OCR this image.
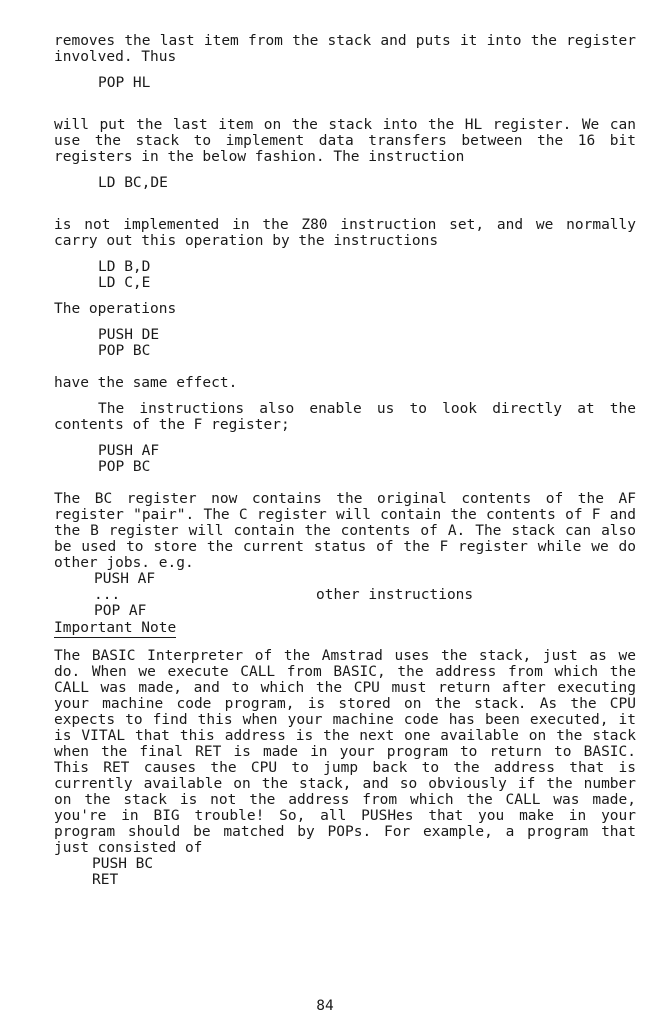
removes the last item from the stack and puts it into the register involved. Thus

POP HL

will put the last item on the stack into the HL register. We can use the stack to implement data transfers between the 16 bit registers in the below fashion. The instruction

LD BC,DE

is not implemented in the Z80 instruction set, and we normally carry out this operation by the instructions

LD B,D

LD C,E

The operations

PUSH DE

POP BC

have the same effect.

The instructions also enable us to look directly at the contents of the F register;

PUSH AF

POP BC

The BC register now contains the original contents of the AF register "pair". The C register will contain the contents of F and the B register will contain the contents of A. The stack can also be used to store the current status of the F register while we do other jobs. e.g.

PUSH AF

...	other instructions

POP AF

Important Note

The BASIC Interpreter of the Amstrad uses the stack, just as we do. When we execute CALL from BASIC, the address from which the CALL was made, and to which the CPU must return after executing your machine code program, is stored on the stack. As the CPU expects to find this when your machine code has been executed, it is VITAL that this address is the next one available on the stack when the final RET is made in your program to return to BASIC. This RET causes the CPU to jump back to the address that is currently available on the stack, and so obviously if the number on the stack is not the address from which the CALL was made, you're in BIG trouble! So, all PUSHes that you make in your program should be matched by POPs. For example, a program that just consisted of

PUSH BC

RET

84
